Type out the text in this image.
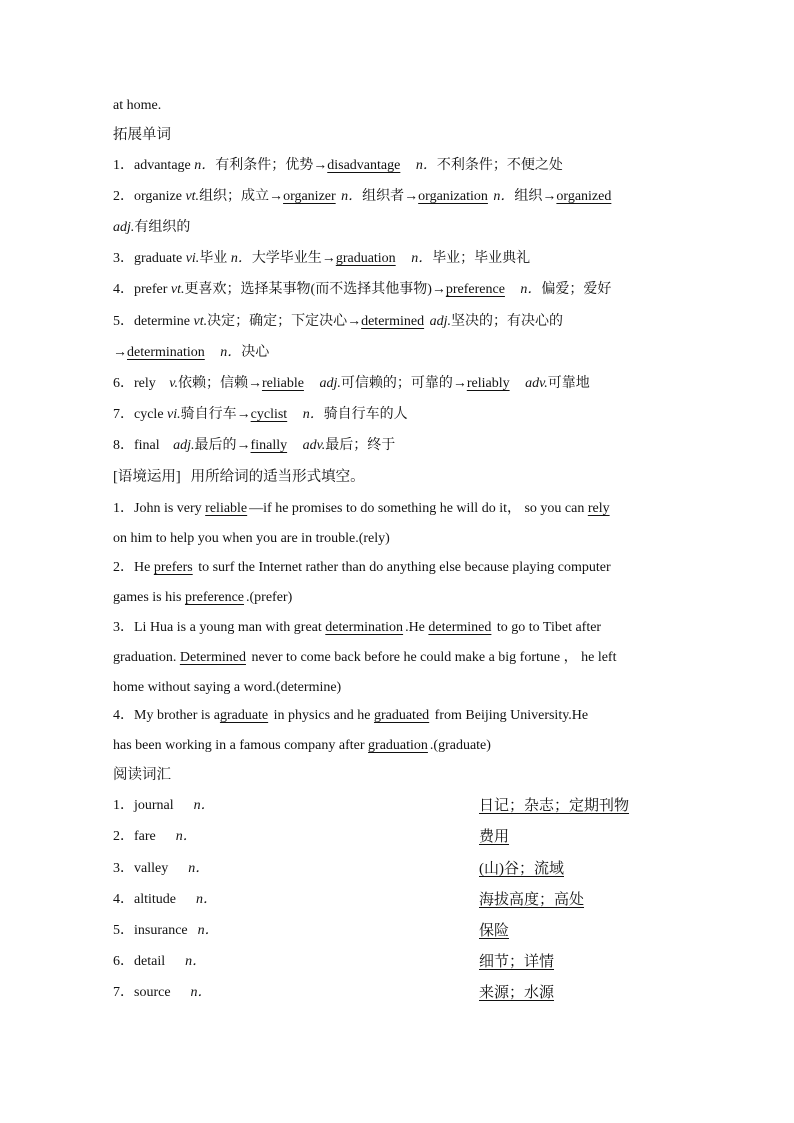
at home.
拓展单词
1．advantage n．有利条件；优势→disadvantage n．不利条件；不便之处
2．organize vt.组织；成立→organizer n．组织者→organization n．组织→organized
adj.有组织的
3．graduate vi.毕业 n．大学毕业生→graduation n．毕业；毕业典礼
4．prefer vt.更喜欢；选择某事物(而不选择其他事物)→preference n．偏爱；爱好
5．determine vt.决定；确定；下定决心→determined adj.坚决的；有决心的
→determination n．决心
6．rely v.依赖；信赖→reliable adj.可信赖的；可靠的→reliably adv.可靠地
7．cycle vi.骑自行车→cyclist n．骑自行车的人
8．final adj.最后的→finally adv.最后；终于
[语境运用] 用所给词的适当形式填空。
1．John is very reliable —if he promises to do something he will do it， so you can rely
on him to help you when you are in trouble.(rely)
2．He prefers to surf the Internet rather than do anything else because playing computer
games is his preference .(prefer)
3．Li Hua is a young man with great determination .He determined to go to Tibet after
graduation. Determined never to come back before he could make a big fortune ， he left
home without saying a word.(determine)
4．My brother is agraduate in physics and he graduated from Beijing University.He
has been working in a famous company after graduation .(graduate)
阅读词汇
1．journal n．	日记；杂志；定期刊物
2．fare n．	费用
3．valley n．	(山)谷；流域
4．altitude n．	海拔高度；高处
5．insurance n．	保险
6．detail n．	细节；详情
7．source n．	来源；水源
